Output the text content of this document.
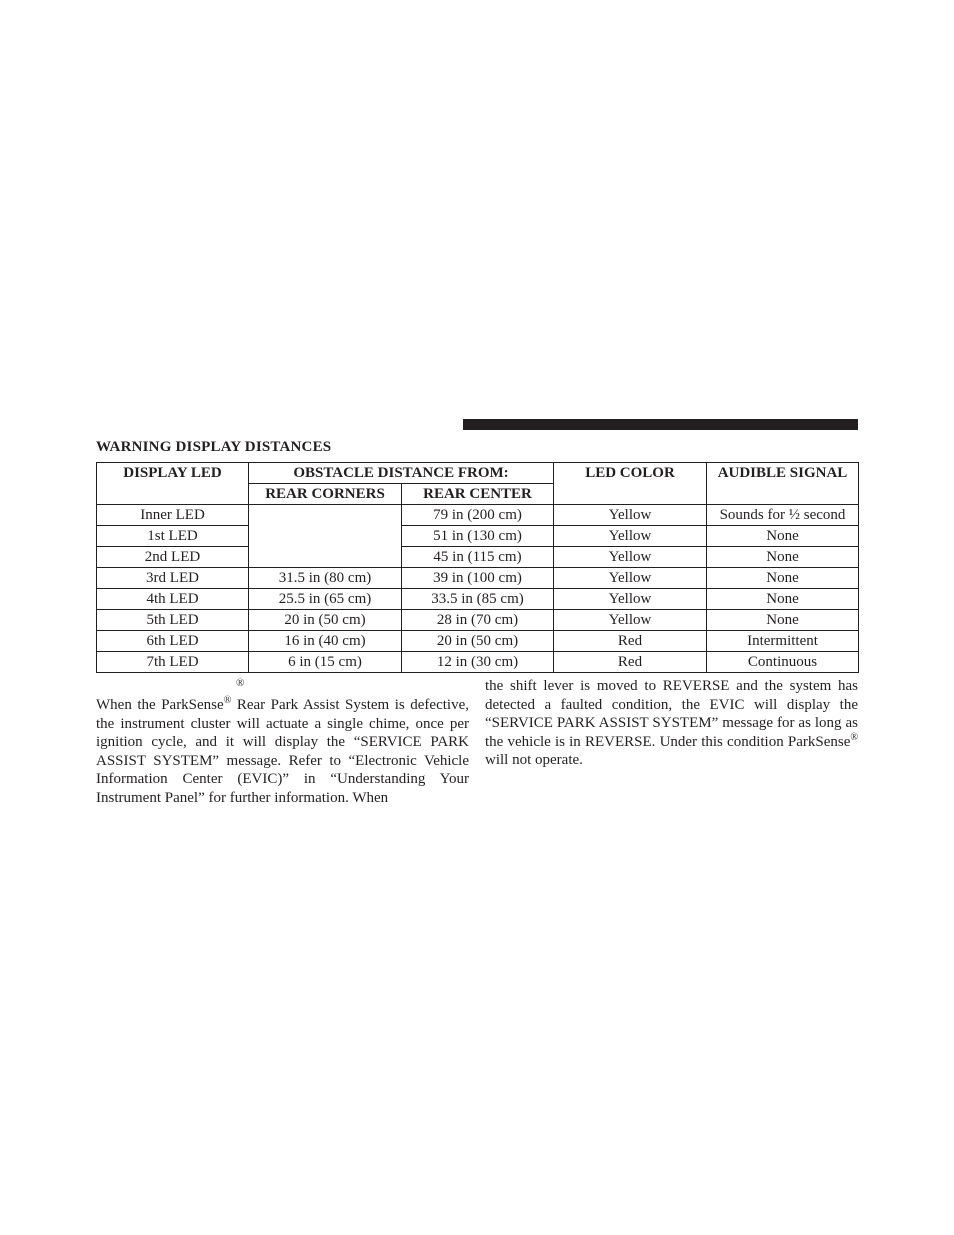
WARNING DISPLAY DISTANCES
DISPLAY LED	OBSTACLE DISTANCE FROM:		LED COLOR	AUDIBLE SIGNAL
	REAR CORNERS	REAR CENTER		
Inner LED		79 in (200 cm)	Yellow	Sounds for ½ second
1st LED		51 in (130 cm)	Yellow	None
2nd LED		45 in (115 cm)	Yellow	None
3rd LED	31.5 in (80 cm)	39 in (100 cm)	Yellow	None
4th LED	25.5 in (65 cm)	33.5 in (85 cm)	Yellow	None
5th LED	20 in (50 cm)	28 in (70 cm)	Yellow	None
6th LED	16 in (40 cm)	20 in (50 cm)	Red	Intermittent
7th LED	6 in (15 cm)	12 in (30 cm)	Red	Continuous
®
When the ParkSense® Rear Park Assist System is defective, the instrument cluster will actuate a single chime, once per ignition cycle, and it will display the “SERVICE PARK ASSIST SYSTEM” message. Refer to “Electronic Vehicle Information Center (EVIC)” in “Understanding Your Instrument Panel” for further information. When
the shift lever is moved to REVERSE and the system has detected a faulted condition, the EVIC will display the “SERVICE PARK ASSIST SYSTEM” message for as long as the vehicle is in REVERSE. Under this condition ParkSense® will not operate.
